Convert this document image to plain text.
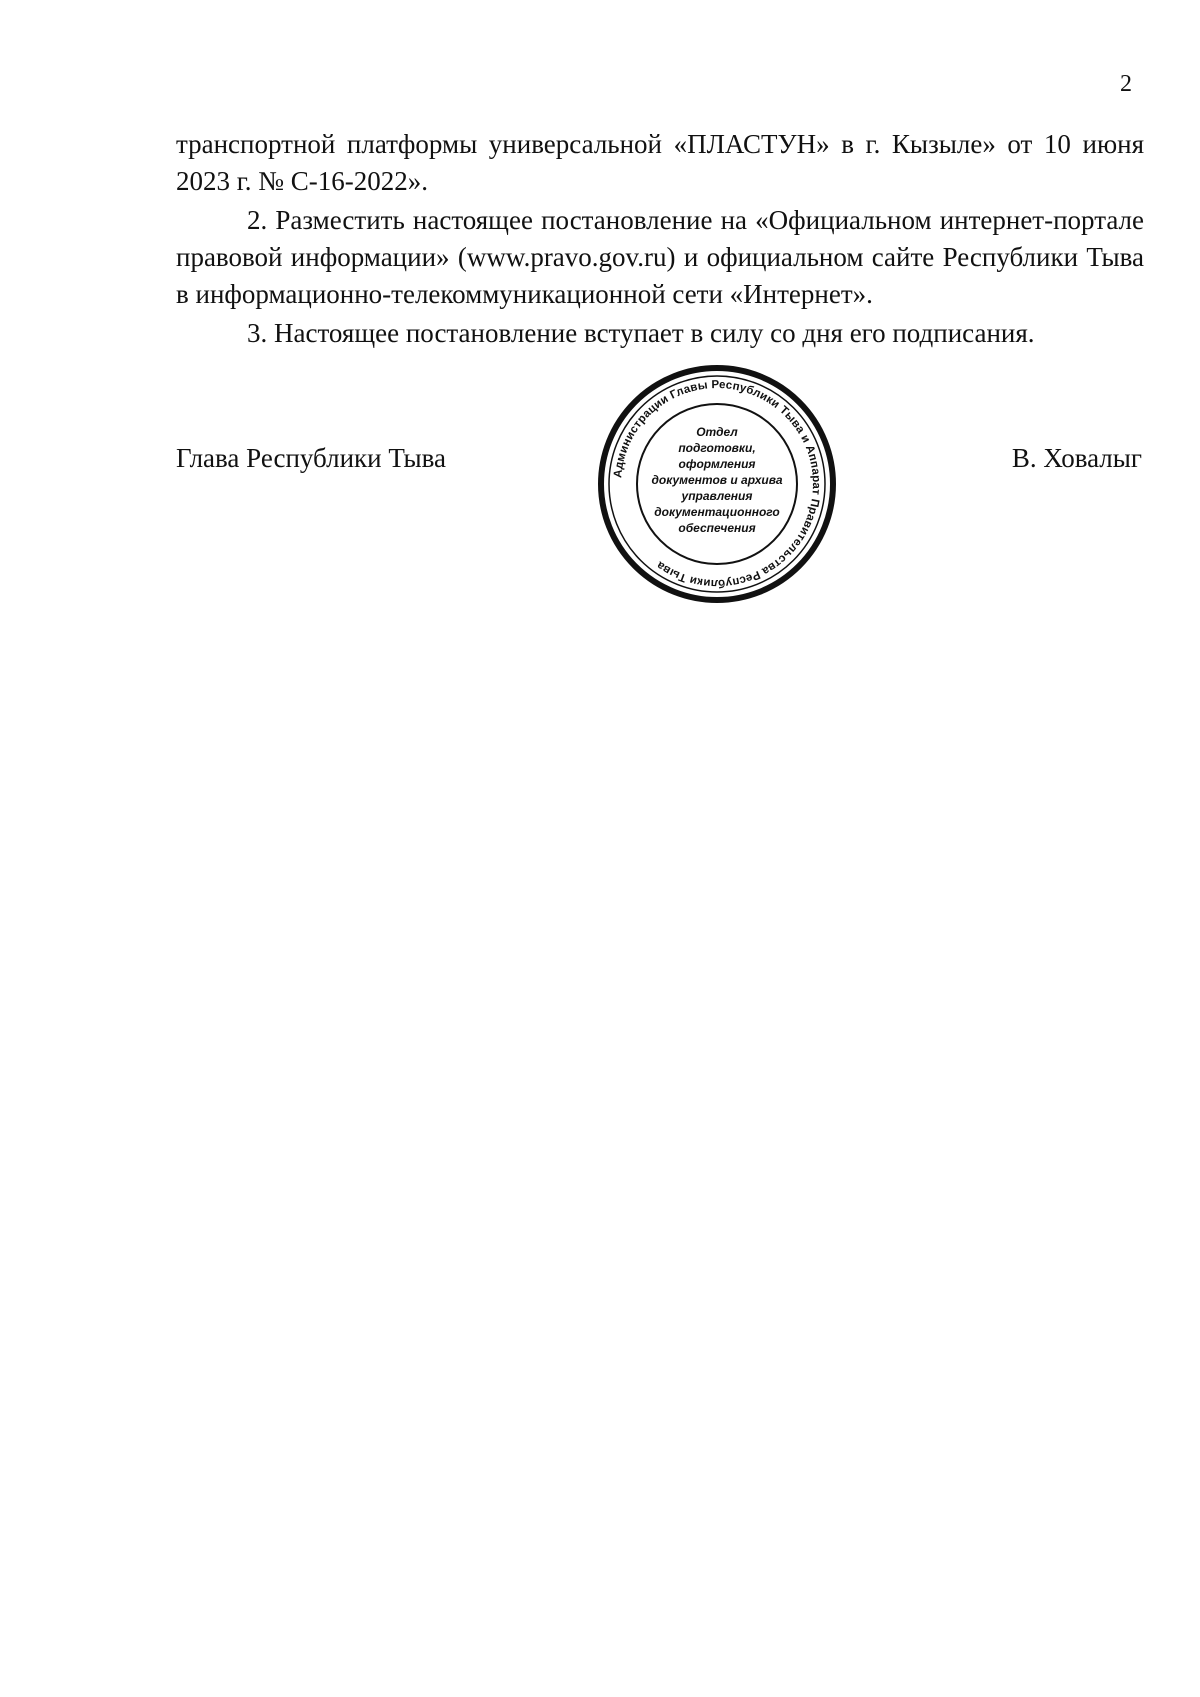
2

транспортной платформы универсальной «ПЛАСТУН» в г. Кызыле» от 10 июня 2023 г. № С-16-2022».

2. Разместить настоящее постановление на «Официальном интернет-портале правовой информации» (www.pravo.gov.ru) и официальном сайте Республики Тыва в информационно-телекоммуникационной сети «Интернет».

3. Настоящее постановление вступает в силу со дня его подписания.

Глава Республики Тыва	В. Ховалыг
Администрации Главы Республики Тыва и Аппарат Правительства Республики Тыва
Отдел
подготовки,
оформления
документов и архива
управления
документационного
обеспечения
